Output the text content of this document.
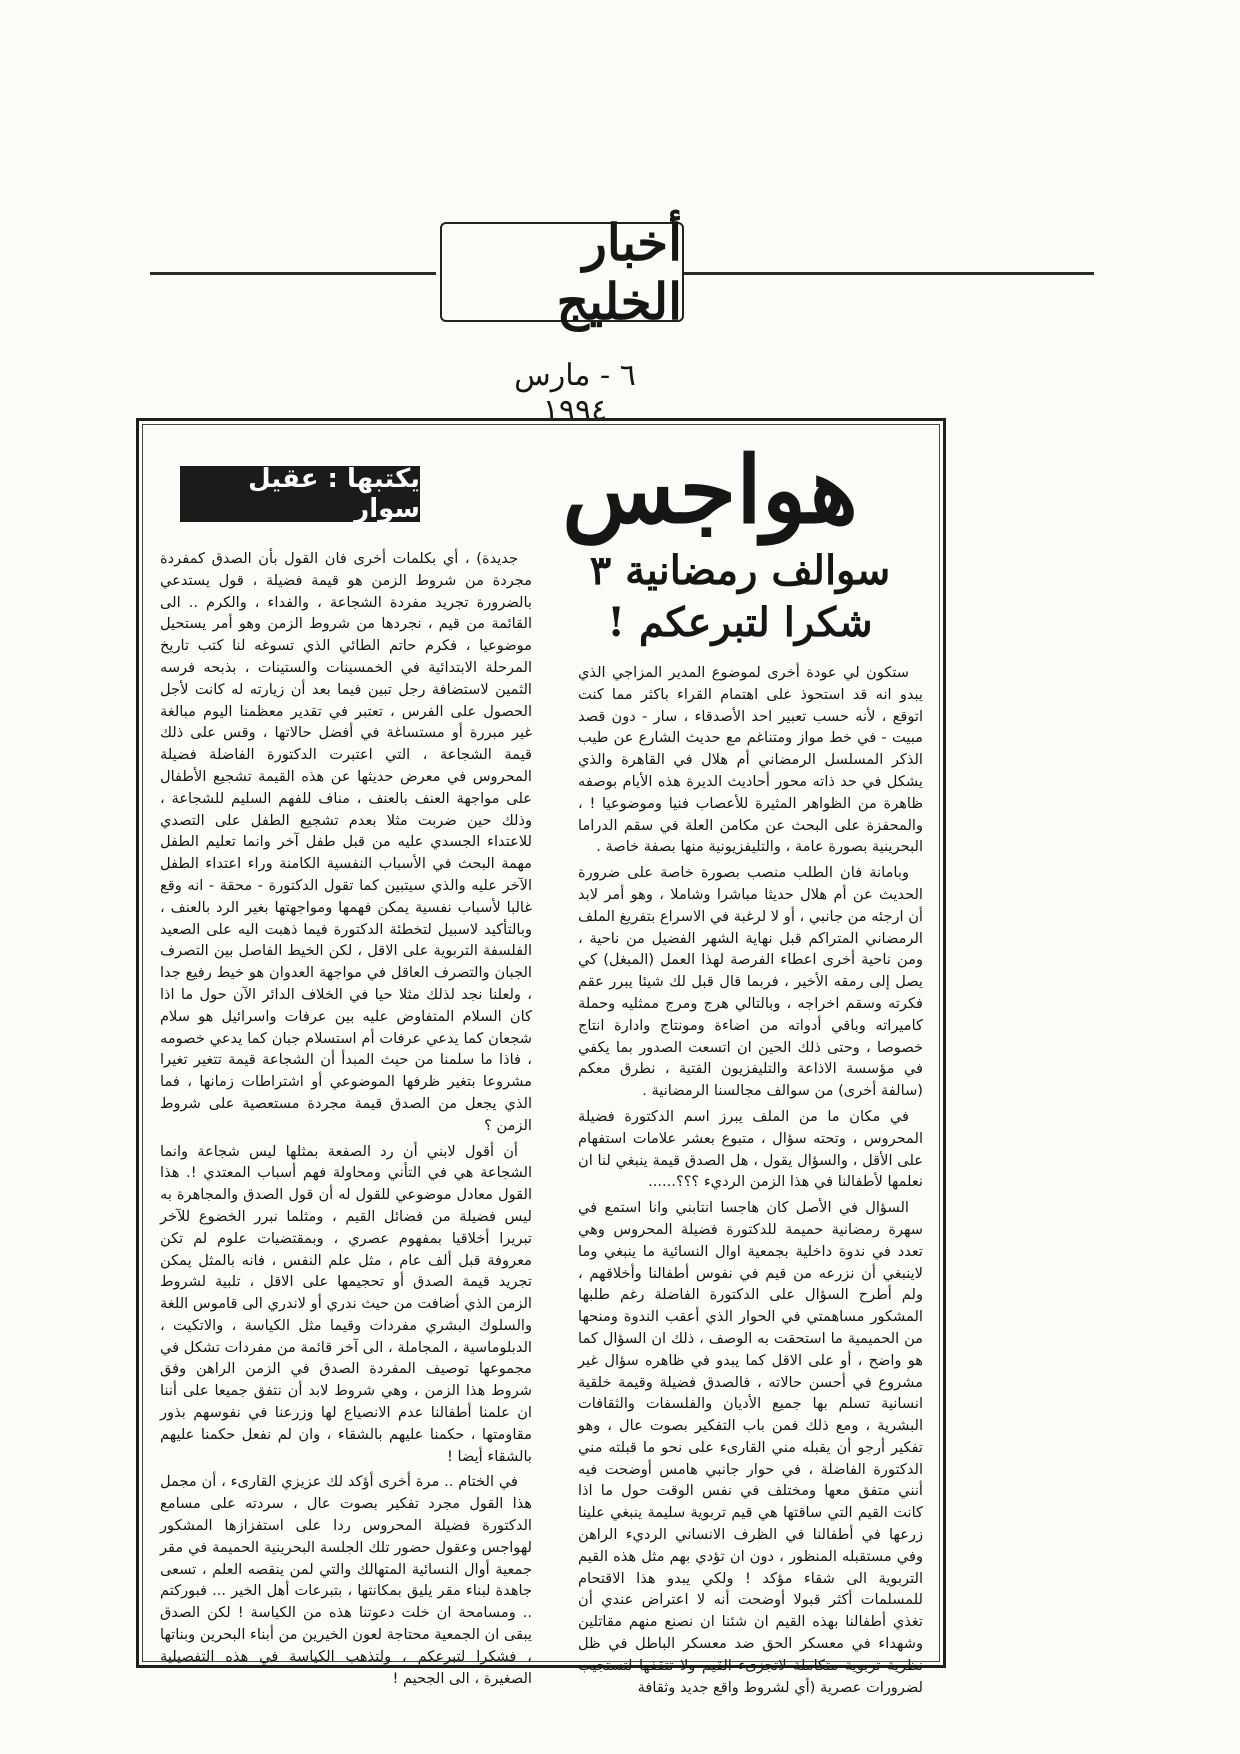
أخبار الخليج
٦ - مارس ١٩٩٤
هواجس
يكتبها : عقيل سوار
سوالف رمضانية ٣
شكرا لتبرعكم !

ستكون لي عودة أخرى لموضوع المدير المزاجي الذي يبدو انه قد استحوذ على اهتمام القراء باكثر مما كنت اتوقع ، لأنه حسب تعبير احد الأصدقاء ، سار - دون قصد مبيت - في خط مواز ومتناغم مع حديث الشارع عن طيب الذكر المسلسل الرمضاني أم هلال في القاهرة والذي يشكل في حد ذاته محور أحاديث الديرة هذه الأيام بوصفه ظاهرة من الظواهر المثيرة للأعصاب فنيا وموضوعيا ! ، والمحفزة على البحث عن مكامن العلة في سقم الدراما البحرينية بصورة عامة ، والتليفزيونية منها بصفة خاصة .

وبامانة فان الطلب منصب بصورة خاصة على ضرورة الحديث عن أم هلال حديثا مباشرا وشاملا ، وهو أمر لابد أن ارجئه من جانبي ، أو لا لرغبة في الاسراع بتفريغ الملف الرمضاني المتراكم قبل نهاية الشهر الفضيل من ناحية ، ومن ناحية أخرى اعطاء الفرصة لهذا العمل (المبغل) كي يصل إلى رمقه الأخير ، فربما قال قبل لك شيئا يبرر عقم فكرته وسقم اخراجه ، وبالتالي هرج ومرج ممثليه وحملة كاميراته وباقي أدواته من اضاءة ومونتاج وادارة انتاج خصوصا ، وحتى ذلك الحين ان اتسعت الصدور بما يكفي في مؤسسة الاذاعة والتليفزيون الفتية ، نطرق معكم (سالفة أخرى) من سوالف مجالسنا الرمضانية .

في مكان ما من الملف يبرز اسم الدكتورة فضيلة المحروس ، وتحته سؤال ، متبوع بعشر علامات استفهام على الأقل ، والسؤال يقول ، هل الصدق قيمة ينبغي لنا ان نعلمها لأطفالنا في هذا الزمن الرديء ؟؟؟......

السؤال في الأصل كان هاجسا انتابني وانا استمع في سهرة رمضانية حميمة للدكتورة فضيلة المحروس وهي تعدد في ندوة داخلية بجمعية اوال النسائية ما ينبغي وما لاينبغي أن نزرعه من قيم في نفوس أطفالنا وأخلاقهم ، ولم أطرح السؤال على الدكتورة الفاضلة رغم طلبها المشكور مساهمتي في الحوار الذي أعقب الندوة ومنحها من الحميمية ما استحقت به الوصف ، ذلك ان السؤال كما هو واضح ، أو على الاقل كما يبدو في ظاهره سؤال غير مشروع في أحسن حالاته ، فالصدق فضيلة وقيمة خلقية انسانية تسلم بها جميع الأديان والفلسفات والثقافات البشرية ، ومع ذلك فمن باب التفكير بصوت عال ، وهو تفكير أرجو أن يقبله مني القارىء على نحو ما قبلته مني الدكتورة الفاضلة ، في حوار جانبي هامس أوضحت فيه أنني متفق معها ومختلف في نفس الوقت حول ما اذا كانت القيم التي ساقتها هي قيم تربوية سليمة ينبغي علينا زرعها في أطفالنا في الظرف الانساني الرديء الراهن وفي مستقبله المنظور ، دون ان تؤدي بهم مثل هذه القيم التربوية الى شقاء مؤكد ! ولكي يبدو هذا الاقتحام للمسلمات أكثر قبولا أوضحت أنه لا اعتراض عندي أن تغذي أطفالنا بهذه القيم ان شئنا ان نصنع منهم مقاتلين وشهداء في معسكر الحق ضد معسكر الباطل في ظل نظرية تربوية متكاملة لاتجزىء القيم ولا تتقفها لتستجيب لضرورات عصرية (أي لشروط واقع جديد وثقافة

جديدة) ، أي بكلمات أخرى فان القول بأن الصدق كمفردة مجردة من شروط الزمن هو قيمة فضيلة ، قول يستدعي بالضرورة تجريد مفردة الشجاعة ، والفداء ، والكرم .. الى القائمة من قيم ، نجردها من شروط الزمن وهو أمر يستحيل موضوعيا ، فكرم حاتم الطائي الذي تسوغه لنا كتب تاريخ المرحلة الابتدائية في الخمسينات والستينات ، بذبحه فرسه الثمين لاستضافة رجل تبين فيما بعد أن زيارته له كانت لأجل الحصول على الفرس ، تعتبر في تقدير معظمنا اليوم مبالغة غير مبررة أو مستساغة في أفضل حالاتها ، وقس على ذلك قيمة الشجاعة ، التي اعتبرت الدكتورة الفاضلة فضيلة المحروس في معرض حديثها عن هذه القيمة تشجيع الأطفال على مواجهة العنف بالعنف ، مناف للفهم السليم للشجاعة ، وذلك حين ضربت مثلا بعدم تشجيع الطفل على التصدي للاعتداء الجسدي عليه من قبل طفل آخر وانما تعليم الطفل مهمة البحث في الأسباب النفسية الكامنة وراء اعتداء الطفل الآخر عليه والذي سيتبين كما تقول الدكتورة - محقة - انه وقع غالبا لأسباب نفسية يمكن فهمها ومواجهتها بغير الرد بالعنف ، وبالتأكيد لاسبيل لتخطئة الدكتورة فيما ذهبت اليه على الصعيد الفلسفة التربوية على الاقل ، لكن الخيط الفاصل بين التصرف الجبان والتصرف العاقل في مواجهة العدوان هو خيط رفيع جدا ، ولعلنا نجد لذلك مثلا حيا في الخلاف الدائر الآن حول ما اذا كان السلام المتفاوض عليه بين عرفات واسرائيل هو سلام شجعان كما يدعي عرفات أم استسلام جبان كما يدعي خصومه ، فاذا ما سلمنا من حيث المبدأ أن الشجاعة قيمة تتغير تغيرا مشروعا بتغير ظرفها الموضوعي أو اشتراطات زمانها ، فما الذي يجعل من الصدق قيمة مجردة مستعصية على شروط الزمن ؟

أن أقول لابني أن رد الصفعة بمثلها ليس شجاعة وانما الشجاعة هي في التأني ومحاولة فهم أسباب المعتدي !. هذا القول معادل موضوعي للقول له أن قول الصدق والمجاهرة به ليس فضيلة من فضائل القيم ، ومثلما نبرر الخضوع للآخر تبريرا أخلاقيا بمفهوم عصري ، وبمقتضيات علوم لم تكن معروفة قبل ألف عام ، مثل علم النفس ، فانه بالمثل يمكن تجريد قيمة الصدق أو تحجيمها على الاقل ، تلبية لشروط الزمن الذي أضافت من حيث ندري أو لاندري الى قاموس اللغة والسلوك البشري مفردات وقيما مثل الكياسة ، والاتكيت ، الدبلوماسية ، المجاملة ، الى آخر قائمة من مفردات تشكل في مجموعها توصيف المفردة الصدق في الزمن الراهن وفق شروط هذا الزمن ، وهي شروط لابد أن نتفق جميعا على أننا ان علمنا أطفالنا عدم الانصياع لها وزرعنا في نفوسهم بذور مقاومتها ، حكمنا عليهم بالشقاء ، وان لم نفعل حكمنا عليهم بالشقاء أيضا !

في الختام .. مرة أخرى أؤكد لك عزيزي القارىء ، أن مجمل هذا القول مجرد تفكير بصوت عال ، سردته على مسامع الدكتورة فضيلة المحروس ردا على استفزازها المشكور لهواجس وعقول حضور تلك الجلسة البحرينية الحميمة في مقر جمعية أوال النسائية المتهالك والتي لمن ينقصه العلم ، تسعى جاهدة لبناء مقر يليق بمكانتها ، بتبرعات أهل الخير ... فبوركتم .. ومسامحة ان خلت دعوتنا هذه من الكياسة ! لكن الصدق يبقى ان الجمعية محتاجة لعون الخيرين من أبناء البحرين وبناتها ، فشكرا لتبرعكم ، ولتذهب الكياسة في هذه التفصيلية الصغيرة ، الى الجحيم !
